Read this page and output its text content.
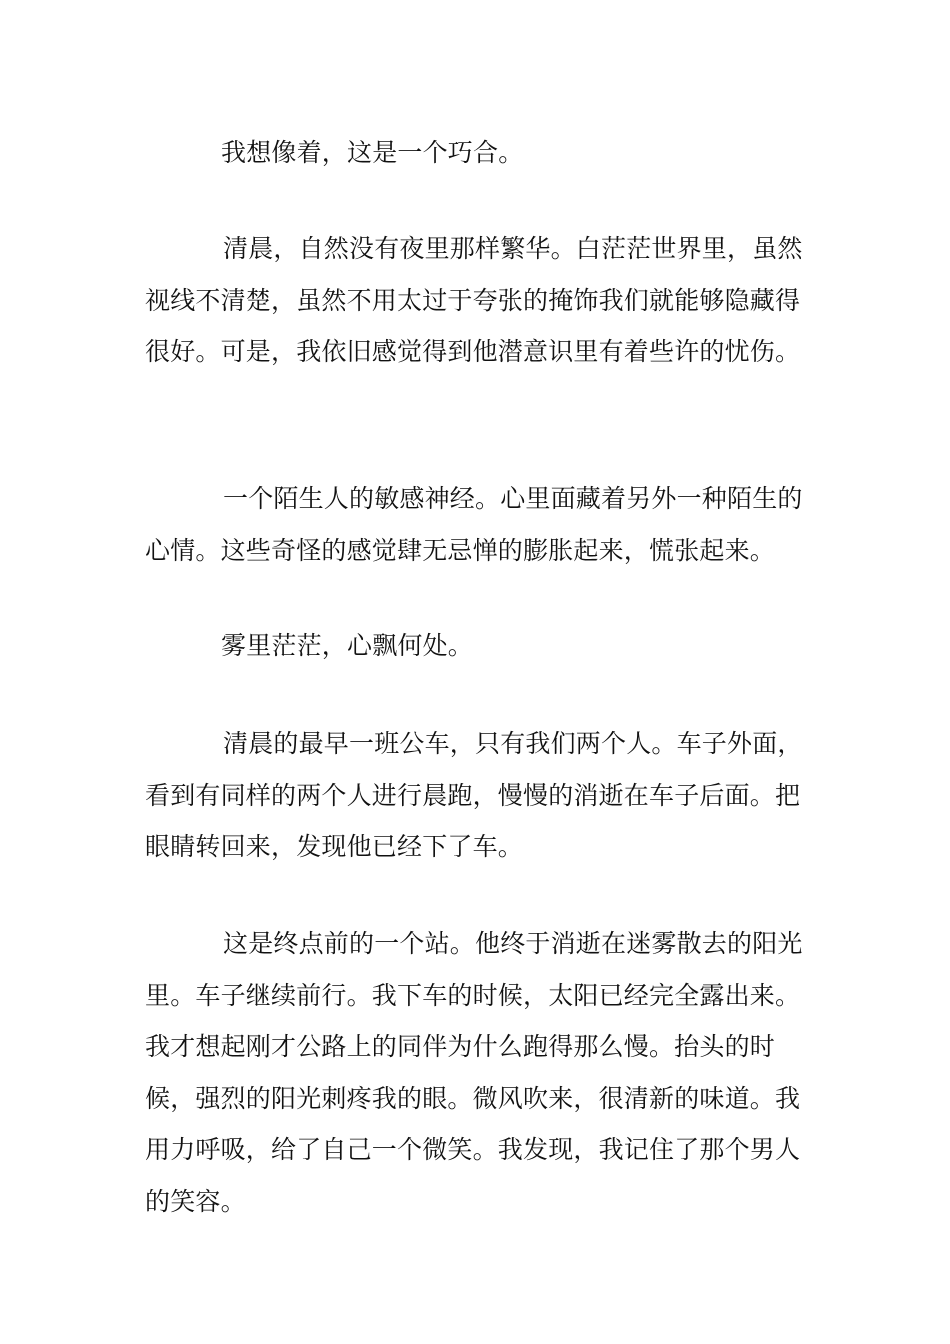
我想像着，这是一个巧合。

清晨，自然没有夜里那样繁华。白茫茫世界里，虽然视线不清楚，虽然不用太过于夸张的掩饰我们就能够隐藏得很好。可是，我依旧感觉得到他潜意识里有着些许的忧伤。

一个陌生人的敏感神经。心里面藏着另外一种陌生的心情。这些奇怪的感觉肆无忌惮的膨胀起来，慌张起来。

雾里茫茫，心飘何处。

清晨的最早一班公车，只有我们两个人。车子外面，看到有同样的两个人进行晨跑，慢慢的消逝在车子后面。把眼睛转回来，发现他已经下了车。

这是终点前的一个站。他终于消逝在迷雾散去的阳光里。车子继续前行。我下车的时候，太阳已经完全露出来。我才想起刚才公路上的同伴为什么跑得那么慢。抬头的时候，强烈的阳光刺疼我的眼。微风吹来，很清新的味道。我用力呼吸，给了自己一个微笑。我发现，我记住了那个男人的笑容。
